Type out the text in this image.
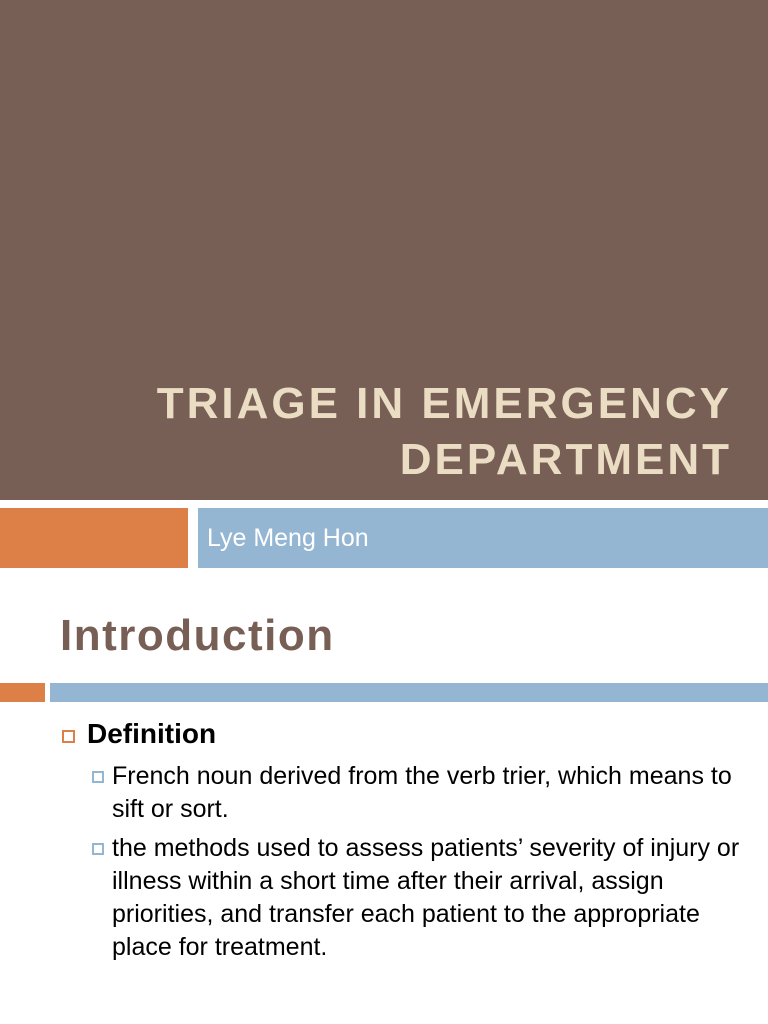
TRIAGE IN EMERGENCY
DEPARTMENT
Lye Meng Hon
Introduction
Definition
French noun derived from the verb trier, which means to sift or sort.
the methods used to assess patients’ severity of injury or illness within a short time after their arrival, assign priorities, and transfer each patient to the appropriate place for treatment.
